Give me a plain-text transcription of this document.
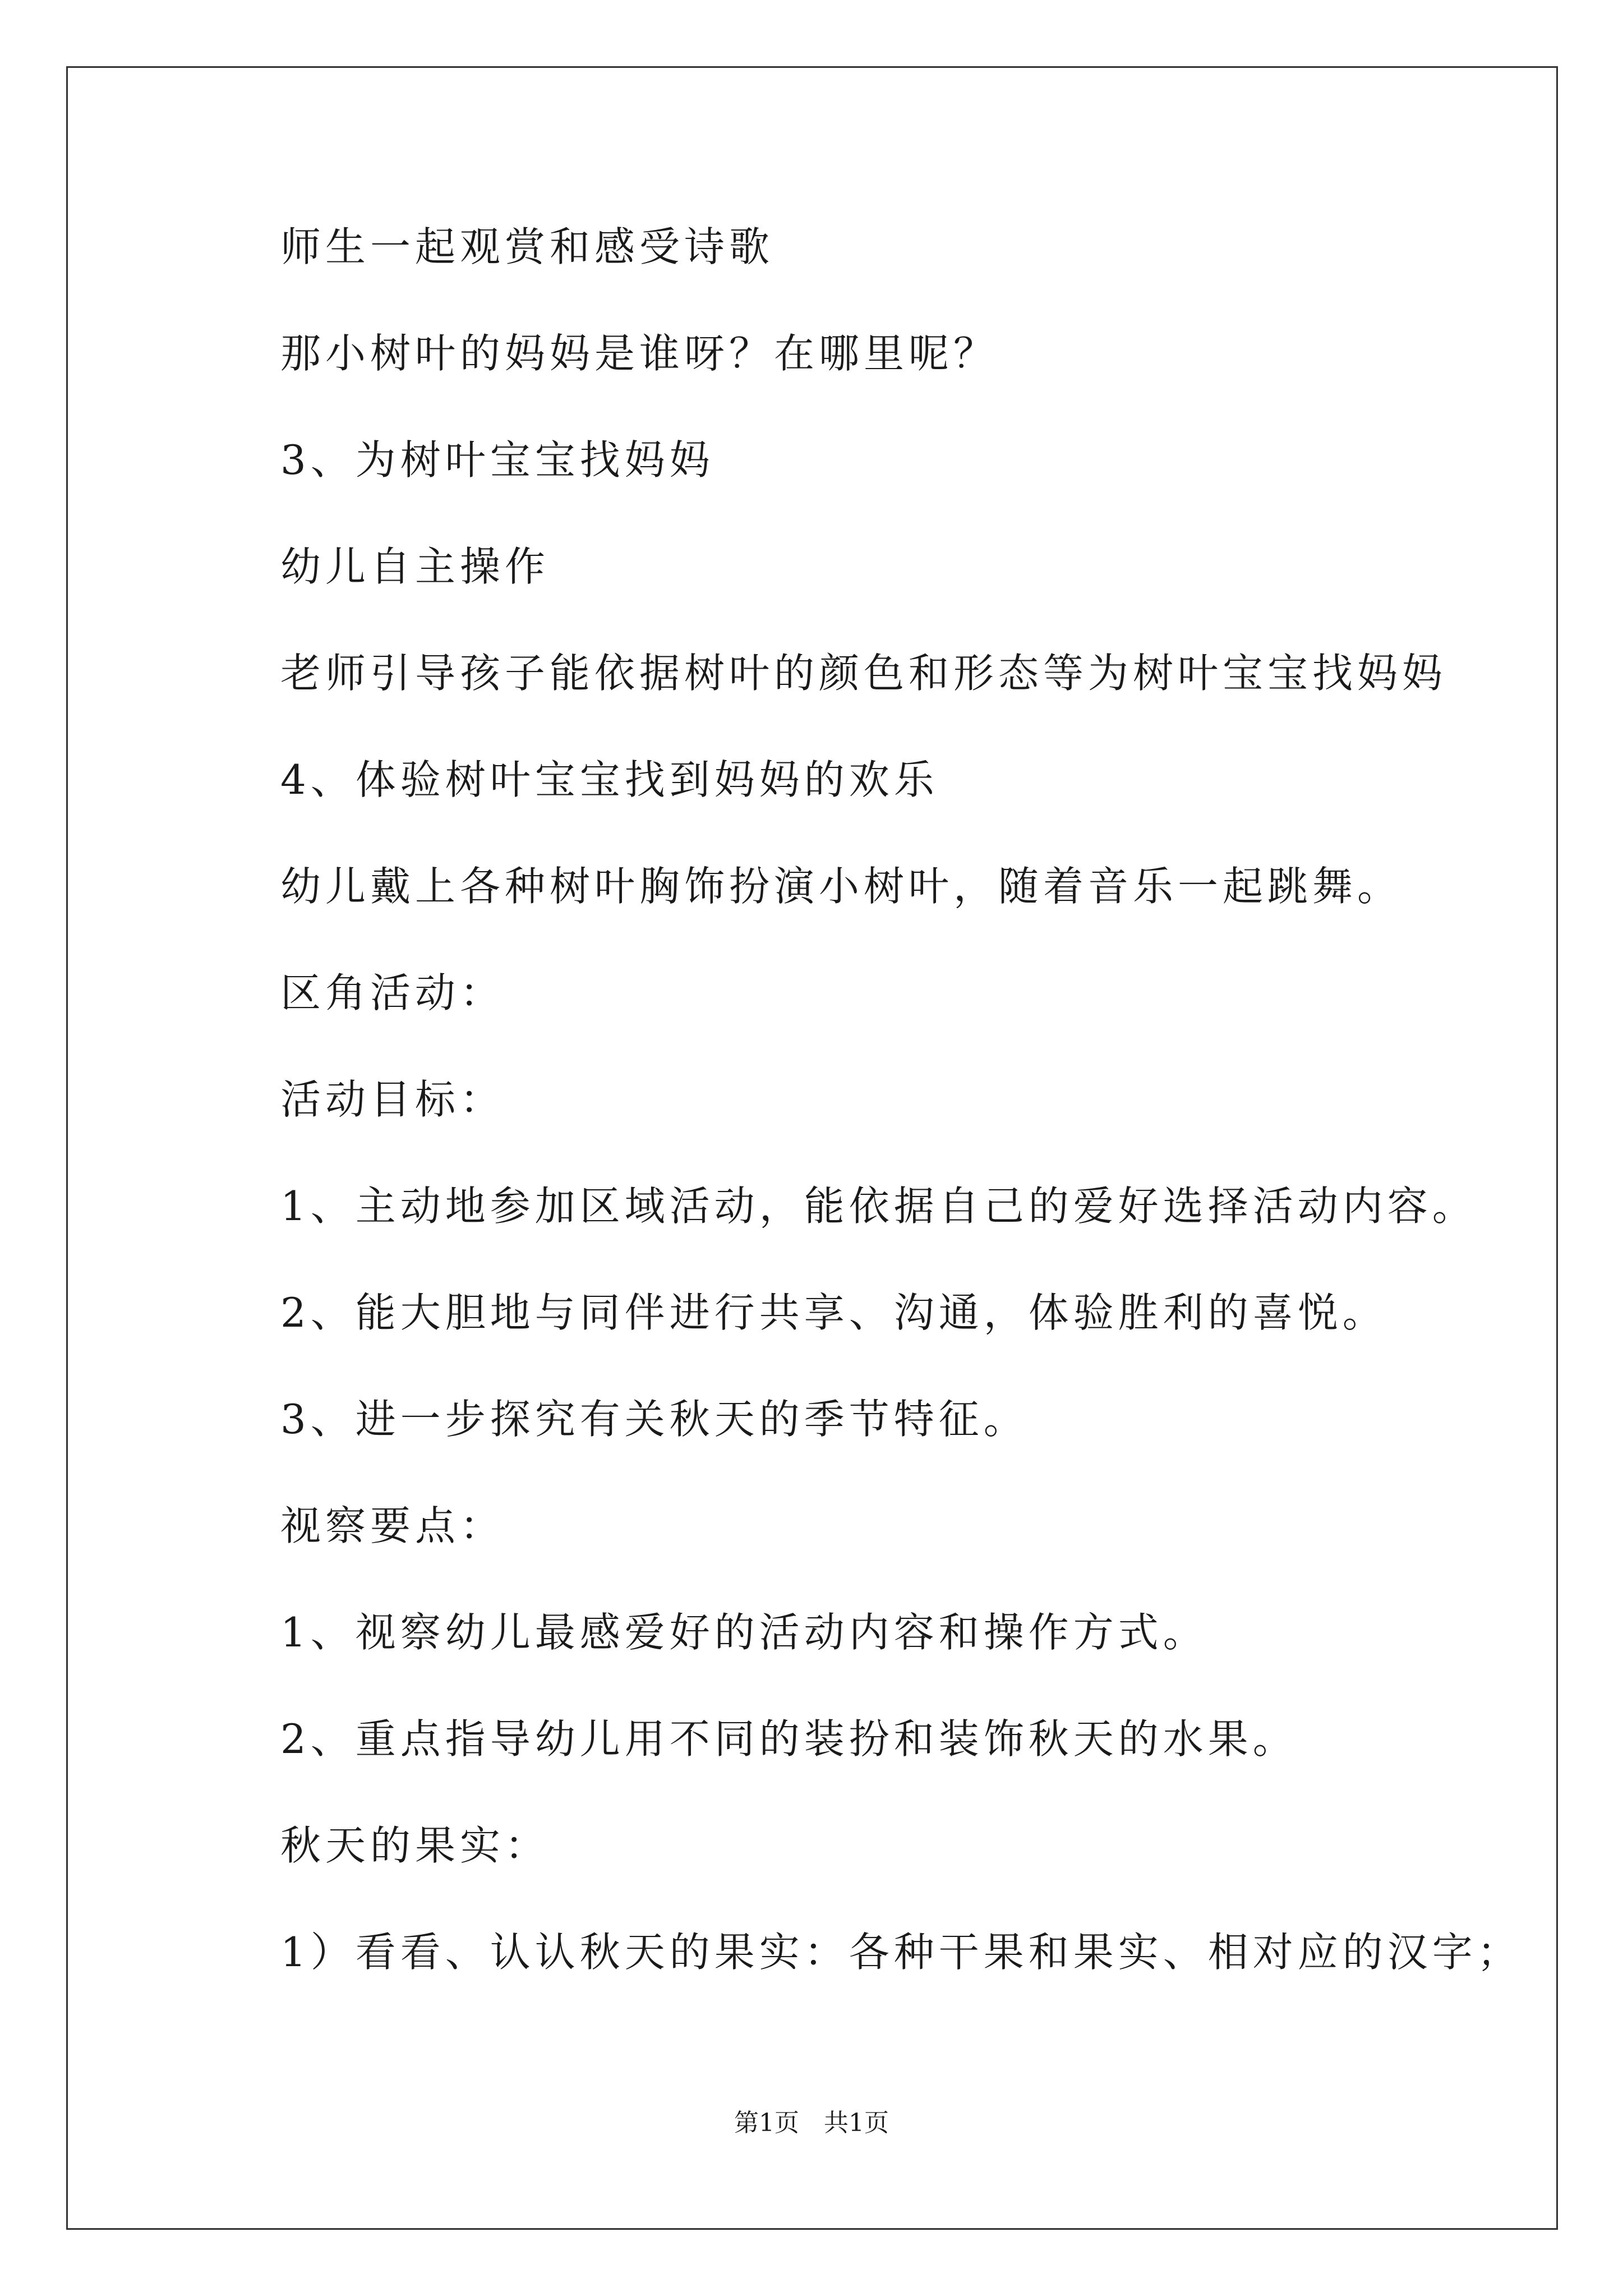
师生一起观赏和感受诗歌
那小树叶的妈妈是谁呀？在哪里呢？
3、为树叶宝宝找妈妈
幼儿自主操作
老师引导孩子能依据树叶的颜色和形态等为树叶宝宝找妈妈
4、体验树叶宝宝找到妈妈的欢乐
幼儿戴上各种树叶胸饰扮演小树叶，随着音乐一起跳舞。
区角活动：
活动目标：
1、主动地参加区域活动，能依据自己的爱好选择活动内容。
2、能大胆地与同伴进行共享、沟通，体验胜利的喜悦。
3、进一步探究有关秋天的季节特征。
视察要点：
1、视察幼儿最感爱好的活动内容和操作方式。
2、重点指导幼儿用不同的装扮和装饰秋天的水果。
秋天的果实：
1）看看、认认秋天的果实：各种干果和果实、相对应的汉字；
第1页　共1页
